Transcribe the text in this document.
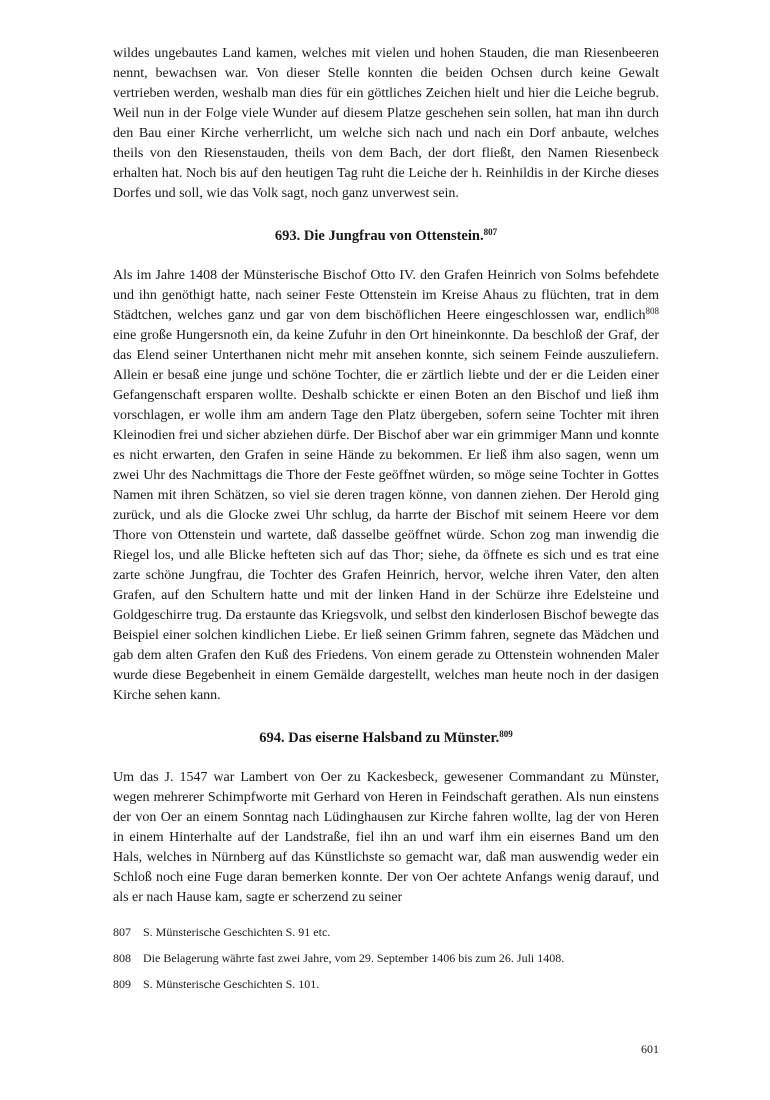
wildes ungebautes Land kamen, welches mit vielen und hohen Stauden, die man Riesenbeeren nennt, bewachsen war. Von dieser Stelle konnten die beiden Ochsen durch keine Gewalt vertrieben werden, weshalb man dies für ein göttliches Zeichen hielt und hier die Leiche begrub. Weil nun in der Folge viele Wunder auf diesem Platze geschehen sein sollen, hat man ihn durch den Bau einer Kirche verherrlicht, um welche sich nach und nach ein Dorf anbaute, welches theils von den Riesenstauden, theils von dem Bach, der dort fließt, den Namen Riesenbeck erhalten hat. Noch bis auf den heutigen Tag ruht die Leiche der h. Reinhildis in der Kirche dieses Dorfes und soll, wie das Volk sagt, noch ganz unverwest sein.

693. Die Jungfrau von Ottenstein.$^{807}$

Als im Jahre 1408 der Münsterische Bischof Otto IV. den Grafen Heinrich von Solms befehdete und ihn genöthigt hatte, nach seiner Feste Ottenstein im Kreise Ahaus zu flüchten, trat in dem Städtchen, welches ganz und gar von dem bischöflichen Heere eingeschlossen war, endlich$^{808}$ eine große Hungersnoth ein, da keine Zufuhr in den Ort hineinkonnte. Da beschloß der Graf, der das Elend seiner Unterthanen nicht mehr mit ansehen konnte, sich seinem Feinde auszuliefern. Allein er besaß eine junge und schöne Tochter, die er zärtlich liebte und der er die Leiden einer Gefangenschaft ersparen wollte. Deshalb schickte er einen Boten an den Bischof und ließ ihm vorschlagen, er wolle ihm am andern Tage den Platz übergeben, sofern seine Tochter mit ihren Kleinodien frei und sicher abziehen dürfe. Der Bischof aber war ein grimmiger Mann und konnte es nicht erwarten, den Grafen in seine Hände zu bekommen. Er ließ ihm also sagen, wenn um zwei Uhr des Nachmittags die Thore der Feste geöffnet würden, so möge seine Tochter in Gottes Namen mit ihren Schätzen, so viel sie deren tragen könne, von dannen ziehen. Der Herold ging zurück, und als die Glocke zwei Uhr schlug, da harrte der Bischof mit seinem Heere vor dem Thore von Ottenstein und wartete, daß dasselbe geöffnet würde. Schon zog man inwendig die Riegel los, und alle Blicke hefteten sich auf das Thor; siehe, da öffnete es sich und es trat eine zarte schöne Jungfrau, die Tochter des Grafen Heinrich, hervor, welche ihren Vater, den alten Grafen, auf den Schultern hatte und mit der linken Hand in der Schürze ihre Edelsteine und Goldgeschirre trug. Da erstaunte das Kriegsvolk, und selbst den kinderlosen Bischof bewegte das Beispiel einer solchen kindlichen Liebe. Er ließ seinen Grimm fahren, segnete das Mädchen und gab dem alten Grafen den Kuß des Friedens. Von einem gerade zu Ottenstein wohnenden Maler wurde diese Begebenheit in einem Gemälde dargestellt, welches man heute noch in der dasigen Kirche sehen kann.

694. Das eiserne Halsband zu Münster.$^{809}$

Um das J. 1547 war Lambert von Oer zu Kackesbeck, gewesener Commandant zu Münster, wegen mehrerer Schimpfworte mit Gerhard von Heren in Feindschaft gerathen. Als nun einstens der von Oer an einem Sonntag nach Lüdinghausen zur Kirche fahren wollte, lag der von Heren in einem Hinterhalte auf der Landstraße, fiel ihn an und warf ihm ein eisernes Band um den Hals, welches in Nürnberg auf das Künstlichste so gemacht war, daß man auswendig weder ein Schloß noch eine Fuge daran bemerken konnte. Der von Oer achtete Anfangs wenig darauf, und als er nach Hause kam, sagte er scherzend zu seiner

807 S. Münsterische Geschichten S. 91 etc.
808 Die Belagerung währte fast zwei Jahre, vom 29. September 1406 bis zum 26. Juli 1408.
809 S. Münsterische Geschichten S. 101.
601
